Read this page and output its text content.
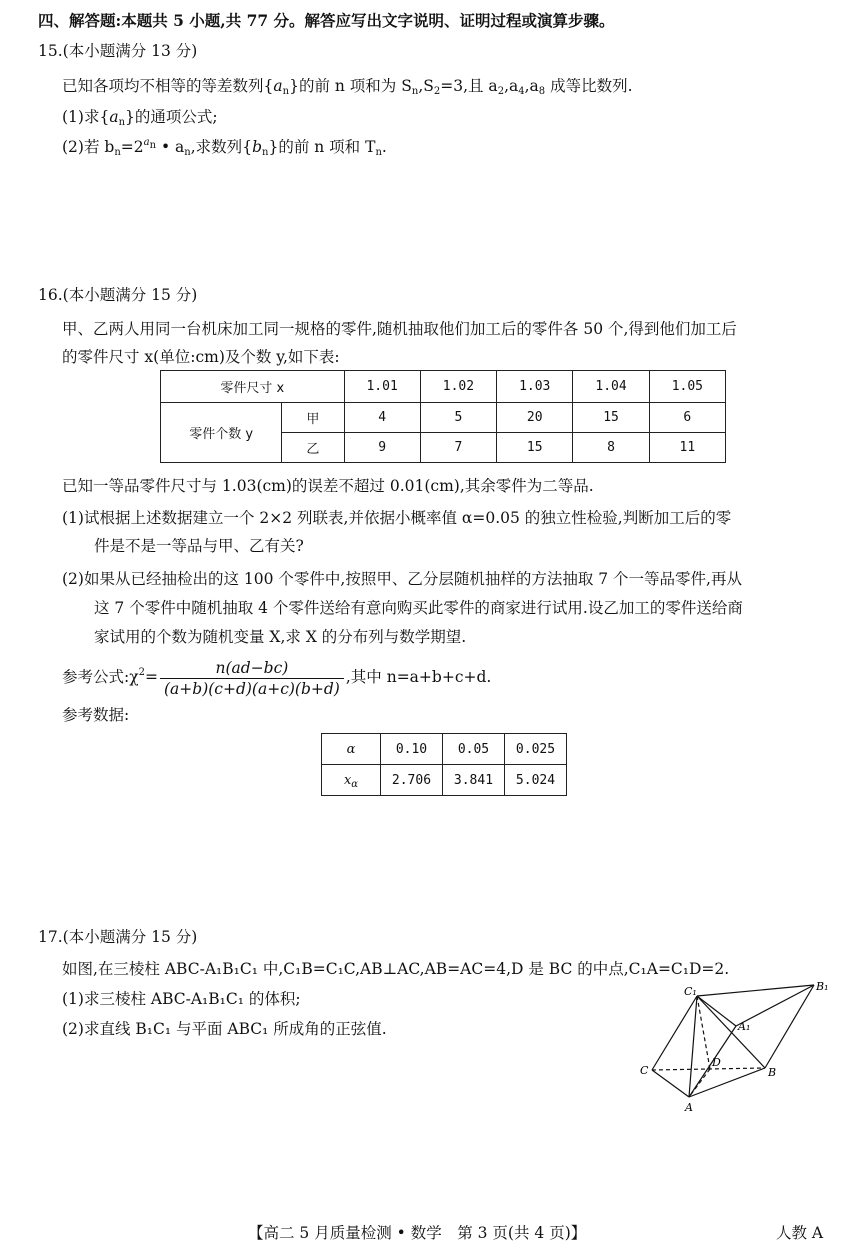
四、解答题:本题共 5 小题,共 77 分。解答应写出文字说明、证明过程或演算步骤。
15.(本小题满分 13 分)
已知各项均不相等的等差数列$\{a_n\}$的前 n 项和为 $S_n,S_2=3$,且 $a_2,a_4,a_8$ 成等比数列.
(1)求$\{a_n\}$的通项公式;
(2)若 $b_n=2^{a_n}$ • $a_n$,求数列$\{b_n\}$的前 n 项和 $T_n$.
16.(本小题满分 15 分)
甲、乙两人用同一台机床加工同一规格的零件,随机抽取他们加工后的零件各 50 个,得到他们加工后
的零件尺寸 x(单位:cm)及个数 y,如下表:
零件尺寸 x		1.01	1.02	1.03	1.04	1.05
零件个数 y	甲	4	5	20	15	6
	乙	9	7	15	8	11
已知一等品零件尺寸与 1.03(cm)的误差不超过 0.01(cm),其余零件为二等品.
(1)试根据上述数据建立一个 2×2 列联表,并依据小概率值 α=0.05 的独立性检验,判断加工后的零
件是不是一等品与甲、乙有关?
(2)如果从已经抽检出的这 100 个零件中,按照甲、乙分层随机抽样的方法抽取 7 个一等品零件,再从
这 7 个零件中随机抽取 4 个零件送给有意向购买此零件的商家进行试用.设乙加工的零件送给商
家试用的个数为随机变量 X,求 X 的分布列与数学期望.
参考公式$:\chi^2= \frac{n(ad-bc)}{(a+b)(c+d)(a+c)(b+d)}$ ,其中 n=a+b+c+d.
参考数据:
α	0.10	0.05	0.025
$x_\alpha$	2.706	3.841	5.024
17.(本小题满分 15 分)
如图,在三棱柱 ABC-A₁B₁C₁ 中,C₁B=C₁C,AB⊥AC,AB=AC=4,D 是 BC 的中点,C₁A=C₁D=2.
(1)求三棱柱 ABC-A₁B₁C₁ 的体积;
(2)求直线 B₁C₁ 与平面 ABC₁ 所成角的正弦值.
C₁	B₁
A₁
C
D
B
A
【高二 5 月质量检测 • 数学　第 3 页(共 4 页)】	人教 A
